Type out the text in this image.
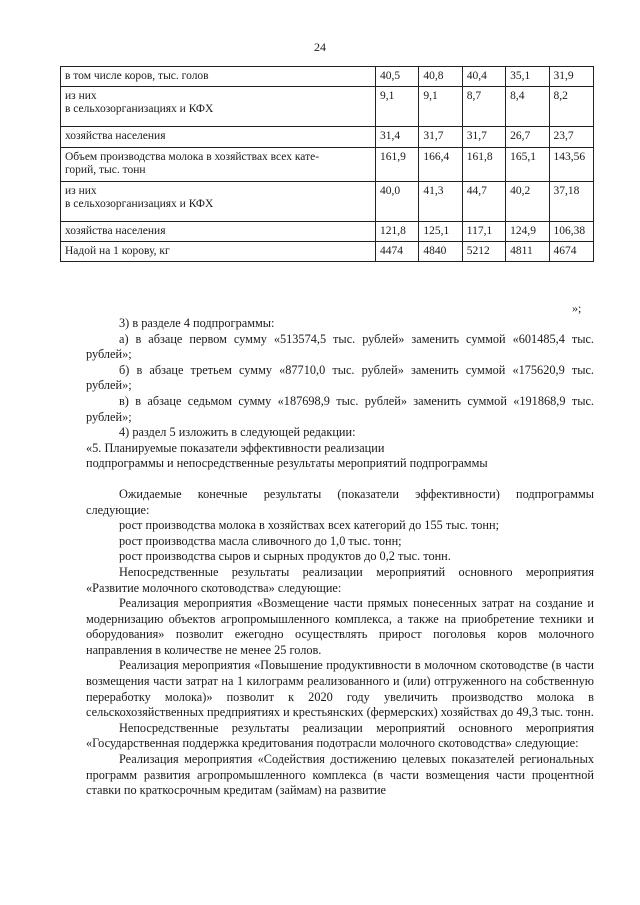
24
в том числе коров, тыс. голов	40,5	40,8	40,4	35,1	31,9

из них
в сельхозорганизациях и КФХ	9,1	9,1	8,7	8,4	8,2
хозяйства населения	31,4	31,7	31,7	26,7	23,7

Объем производства молока в хозяйствах всех кате-
горий, тыс. тонн	161,9	166,4	161,8	165,1	143,56

из них
в сельхозорганизациях и КФХ	40,0	41,3	44,7	40,2	37,18
хозяйства населения	121,8	125,1	117,1	124,9	106,38
Надой на 1 корову, кг	4474	4840	5212	4811	4674
»;

3) в разделе 4 подпрограммы:

а) в абзаце первом сумму «513574,5 тыс. рублей» заменить суммой «601485,4 тыс. рублей»;

б) в абзаце третьем сумму «87710,0 тыс. рублей» заменить суммой «175620,9 тыс. рублей»;

в) в абзаце седьмом сумму «187698,9 тыс. рублей» заменить суммой «191868,9 тыс. рублей»;

4) раздел 5 изложить в следующей редакции:

«5. Планируемые показатели эффективности реализации

подпрограммы и непосредственные результаты мероприятий подпрограммы

Ожидаемые конечные результаты (показатели эффективности) подпрограммы следующие:

рост производства молока в хозяйствах всех категорий до 155 тыс. тонн;

рост производства масла сливочного до 1,0 тыс. тонн;

рост производства сыров и сырных продуктов до 0,2 тыс. тонн.

Непосредственные результаты реализации мероприятий основного мероприятия «Развитие молочного скотоводства» следующие:

Реализация мероприятия «Возмещение части прямых понесенных затрат на создание и модернизацию объектов агропромышленного комплекса, а также на приобретение техники и оборудования» позволит ежегодно осуществлять прирост поголовья коров молочного направления в количестве не менее 25 голов.

Реализация мероприятия «Повышение продуктивности в молочном скотоводстве (в части возмещения части затрат на 1 килограмм реализованного и (или) отгруженного на собственную переработку молока)» позволит к 2020 году увеличить производство молока в сельскохозяйственных предприятиях и крестьянских (фермерских) хозяйствах до 49,3 тыс. тонн.

Непосредственные результаты реализации мероприятий основного мероприятия «Государственная поддержка кредитования подотрасли молочного скотоводства» следующие:

Реализация мероприятия «Содействия достижению целевых показателей региональных программ развития агропромышленного комплекса (в части возмещения части процентной ставки по краткосрочным кредитам (займам) на развитие
